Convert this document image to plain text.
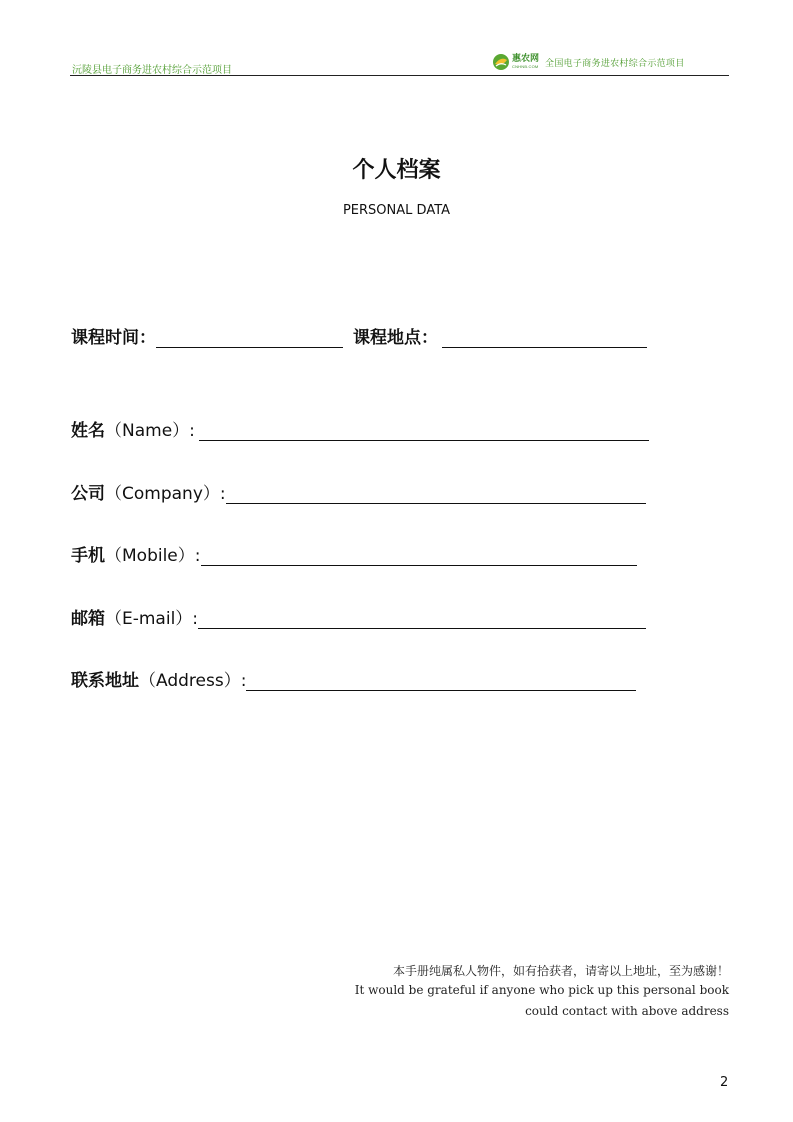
沅陵县电子商务进农村综合示范项目
惠农网
CNHNB.COM 全国电子商务进农村综合示范项目
个人档案
PERSONAL DATA
课程时间：	课程地点：
姓名 （Name）:
公司 （Company）:
手机 （Mobile）:
邮箱 （E-mail）:
联系地址 （Address）:
本手册纯属私人物件，如有拾获者，请寄以上地址，至为感谢！
It would be grateful if anyone who pick up this personal book
could contact with above address
2
